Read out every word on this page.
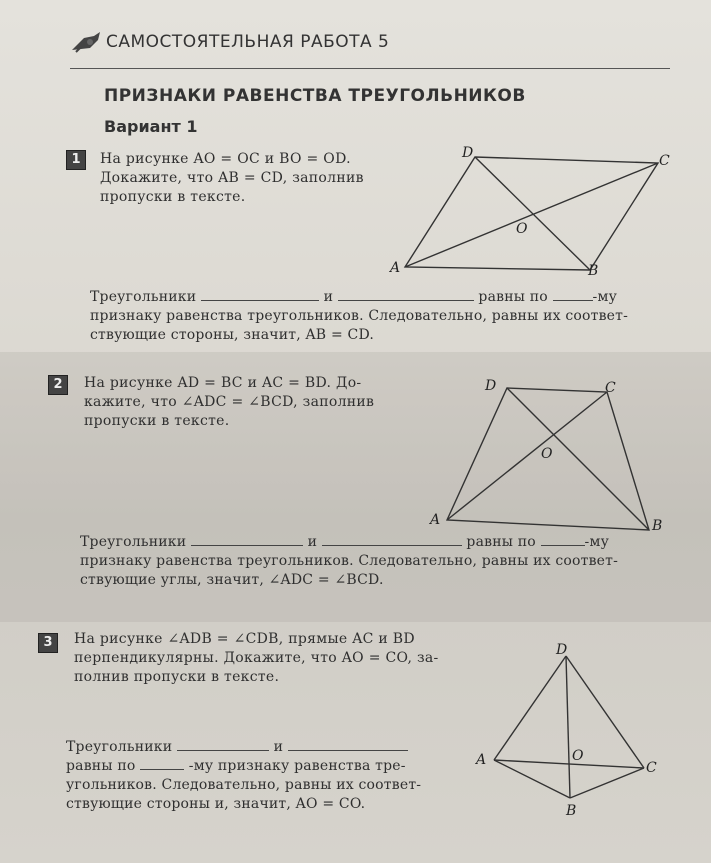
САМОСТОЯТЕЛЬНАЯ РАБОТА 5
ПРИЗНАКИ РАВЕНСТВА ТРЕУГОЛЬНИКОВ
Вариант 1
1	На рисунке AO = OC и BO = OD.
Докажите, что AB = CD, заполнив
пропуски в тексте.
A	B
C
D
O

Треугольники	и	равны по	-му

признаку равенства треугольников. Следовательно, равны их соответ-

ствующие стороны, значит, AB = CD.

2	На рисунке AD = BC и AC = BD. До-
кажите, что ∠ADC = ∠BCD, заполнив
пропуски в тексте.
A	B
C
D
O

Треугольники	и	равны по	-му

признаку равенства треугольников. Следовательно, равны их соответ-

ствующие углы, значит, ∠ADC = ∠BCD.

3	На рисунке ∠ADB = ∠CDB, прямые AC и BD
перпендикулярны. Докажите, что AO = CO, за-
полнив пропуски в тексте.
A
B
C
D
O

Треугольники	и

равны по	-му признаку равенства тре-

угольников. Следовательно, равны их соответ-

ствующие стороны и, значит, AO = CO.
